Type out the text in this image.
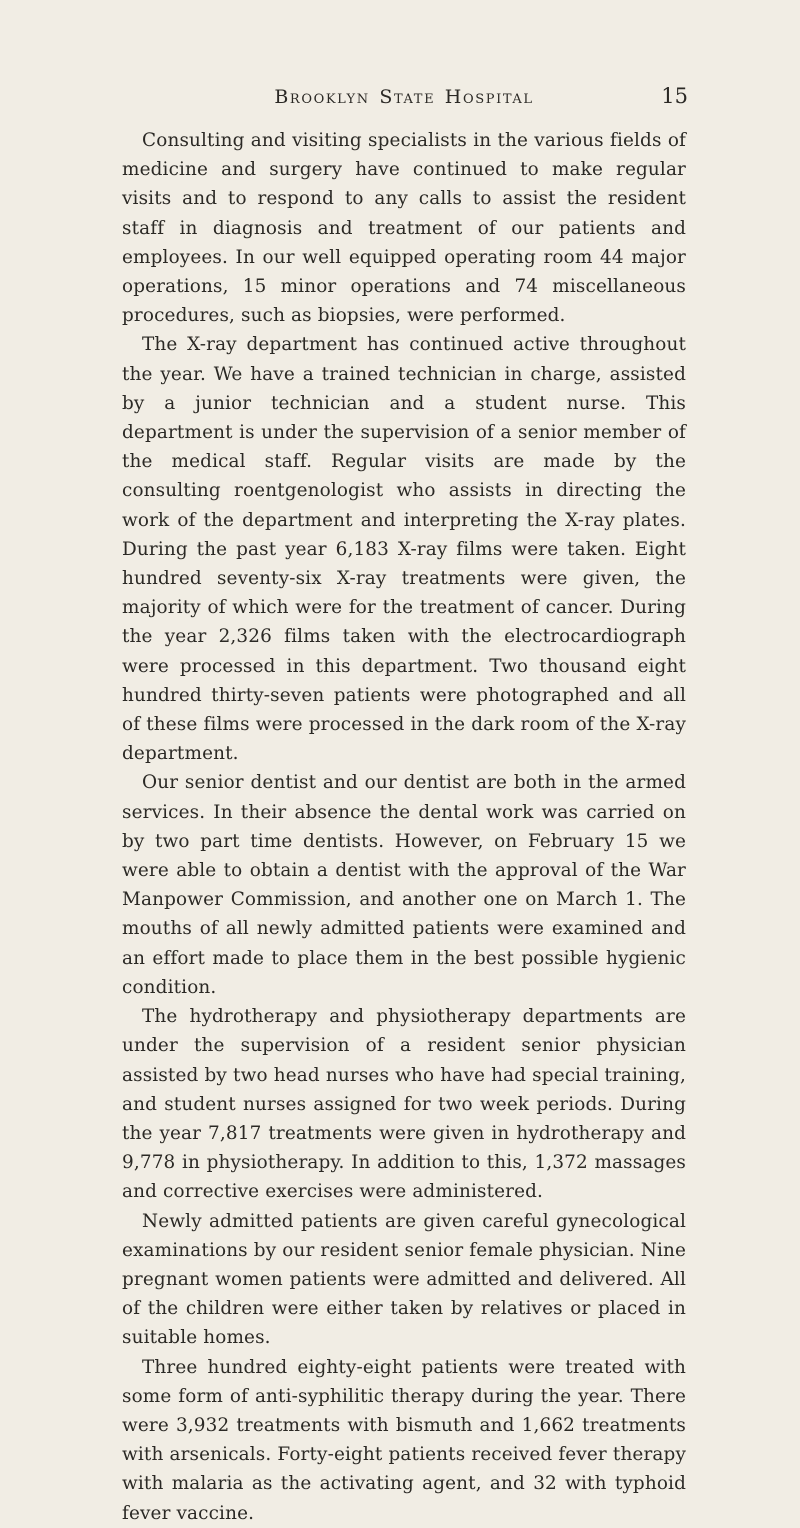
Brooklyn State Hospital	15

Consulting and visiting specialists in the various fields of medicine and surgery have continued to make regular visits and to respond to any calls to assist the resident staff in diagnosis and treatment of our patients and employees. In our well equipped operating room 44 major operations, 15 minor operations and 74 miscellaneous procedures, such as biopsies, were performed.

The X-ray department has continued active throughout the year. We have a trained technician in charge, assisted by a junior technician and a student nurse. This department is under the supervision of a senior member of the medical staff. Regular visits are made by the consulting roentgenologist who assists in directing the work of the department and interpreting the X-ray plates. During the past year 6,183 X-ray films were taken. Eight hundred seventy-six X-ray treatments were given, the majority of which were for the treatment of cancer. During the year 2,326 films taken with the electrocardiograph were processed in this department. Two thousand eight hundred thirty-seven patients were photographed and all of these films were processed in the dark room of the X-ray department.

Our senior dentist and our dentist are both in the armed services. In their absence the dental work was carried on by two part time dentists. However, on February 15 we were able to obtain a dentist with the approval of the War Manpower Commission, and another one on March 1. The mouths of all newly admitted patients were examined and an effort made to place them in the best possible hygienic condition.

The hydrotherapy and physiotherapy departments are under the supervision of a resident senior physician assisted by two head nurses who have had special training, and student nurses assigned for two week periods. During the year 7,817 treatments were given in hydrotherapy and 9,778 in physiotherapy. In addition to this, 1,372 massages and corrective exercises were administered.

Newly admitted patients are given careful gynecological examinations by our resident senior female physician. Nine pregnant women patients were admitted and delivered. All of the children were either taken by relatives or placed in suitable homes.

Three hundred eighty-eight patients were treated with some form of anti-syphilitic therapy during the year. There were 3,932 treatments with bismuth and 1,662 treatments with arsenicals. Forty-eight patients received fever therapy with malaria as the activating agent, and 32 with typhoid fever vaccine.
